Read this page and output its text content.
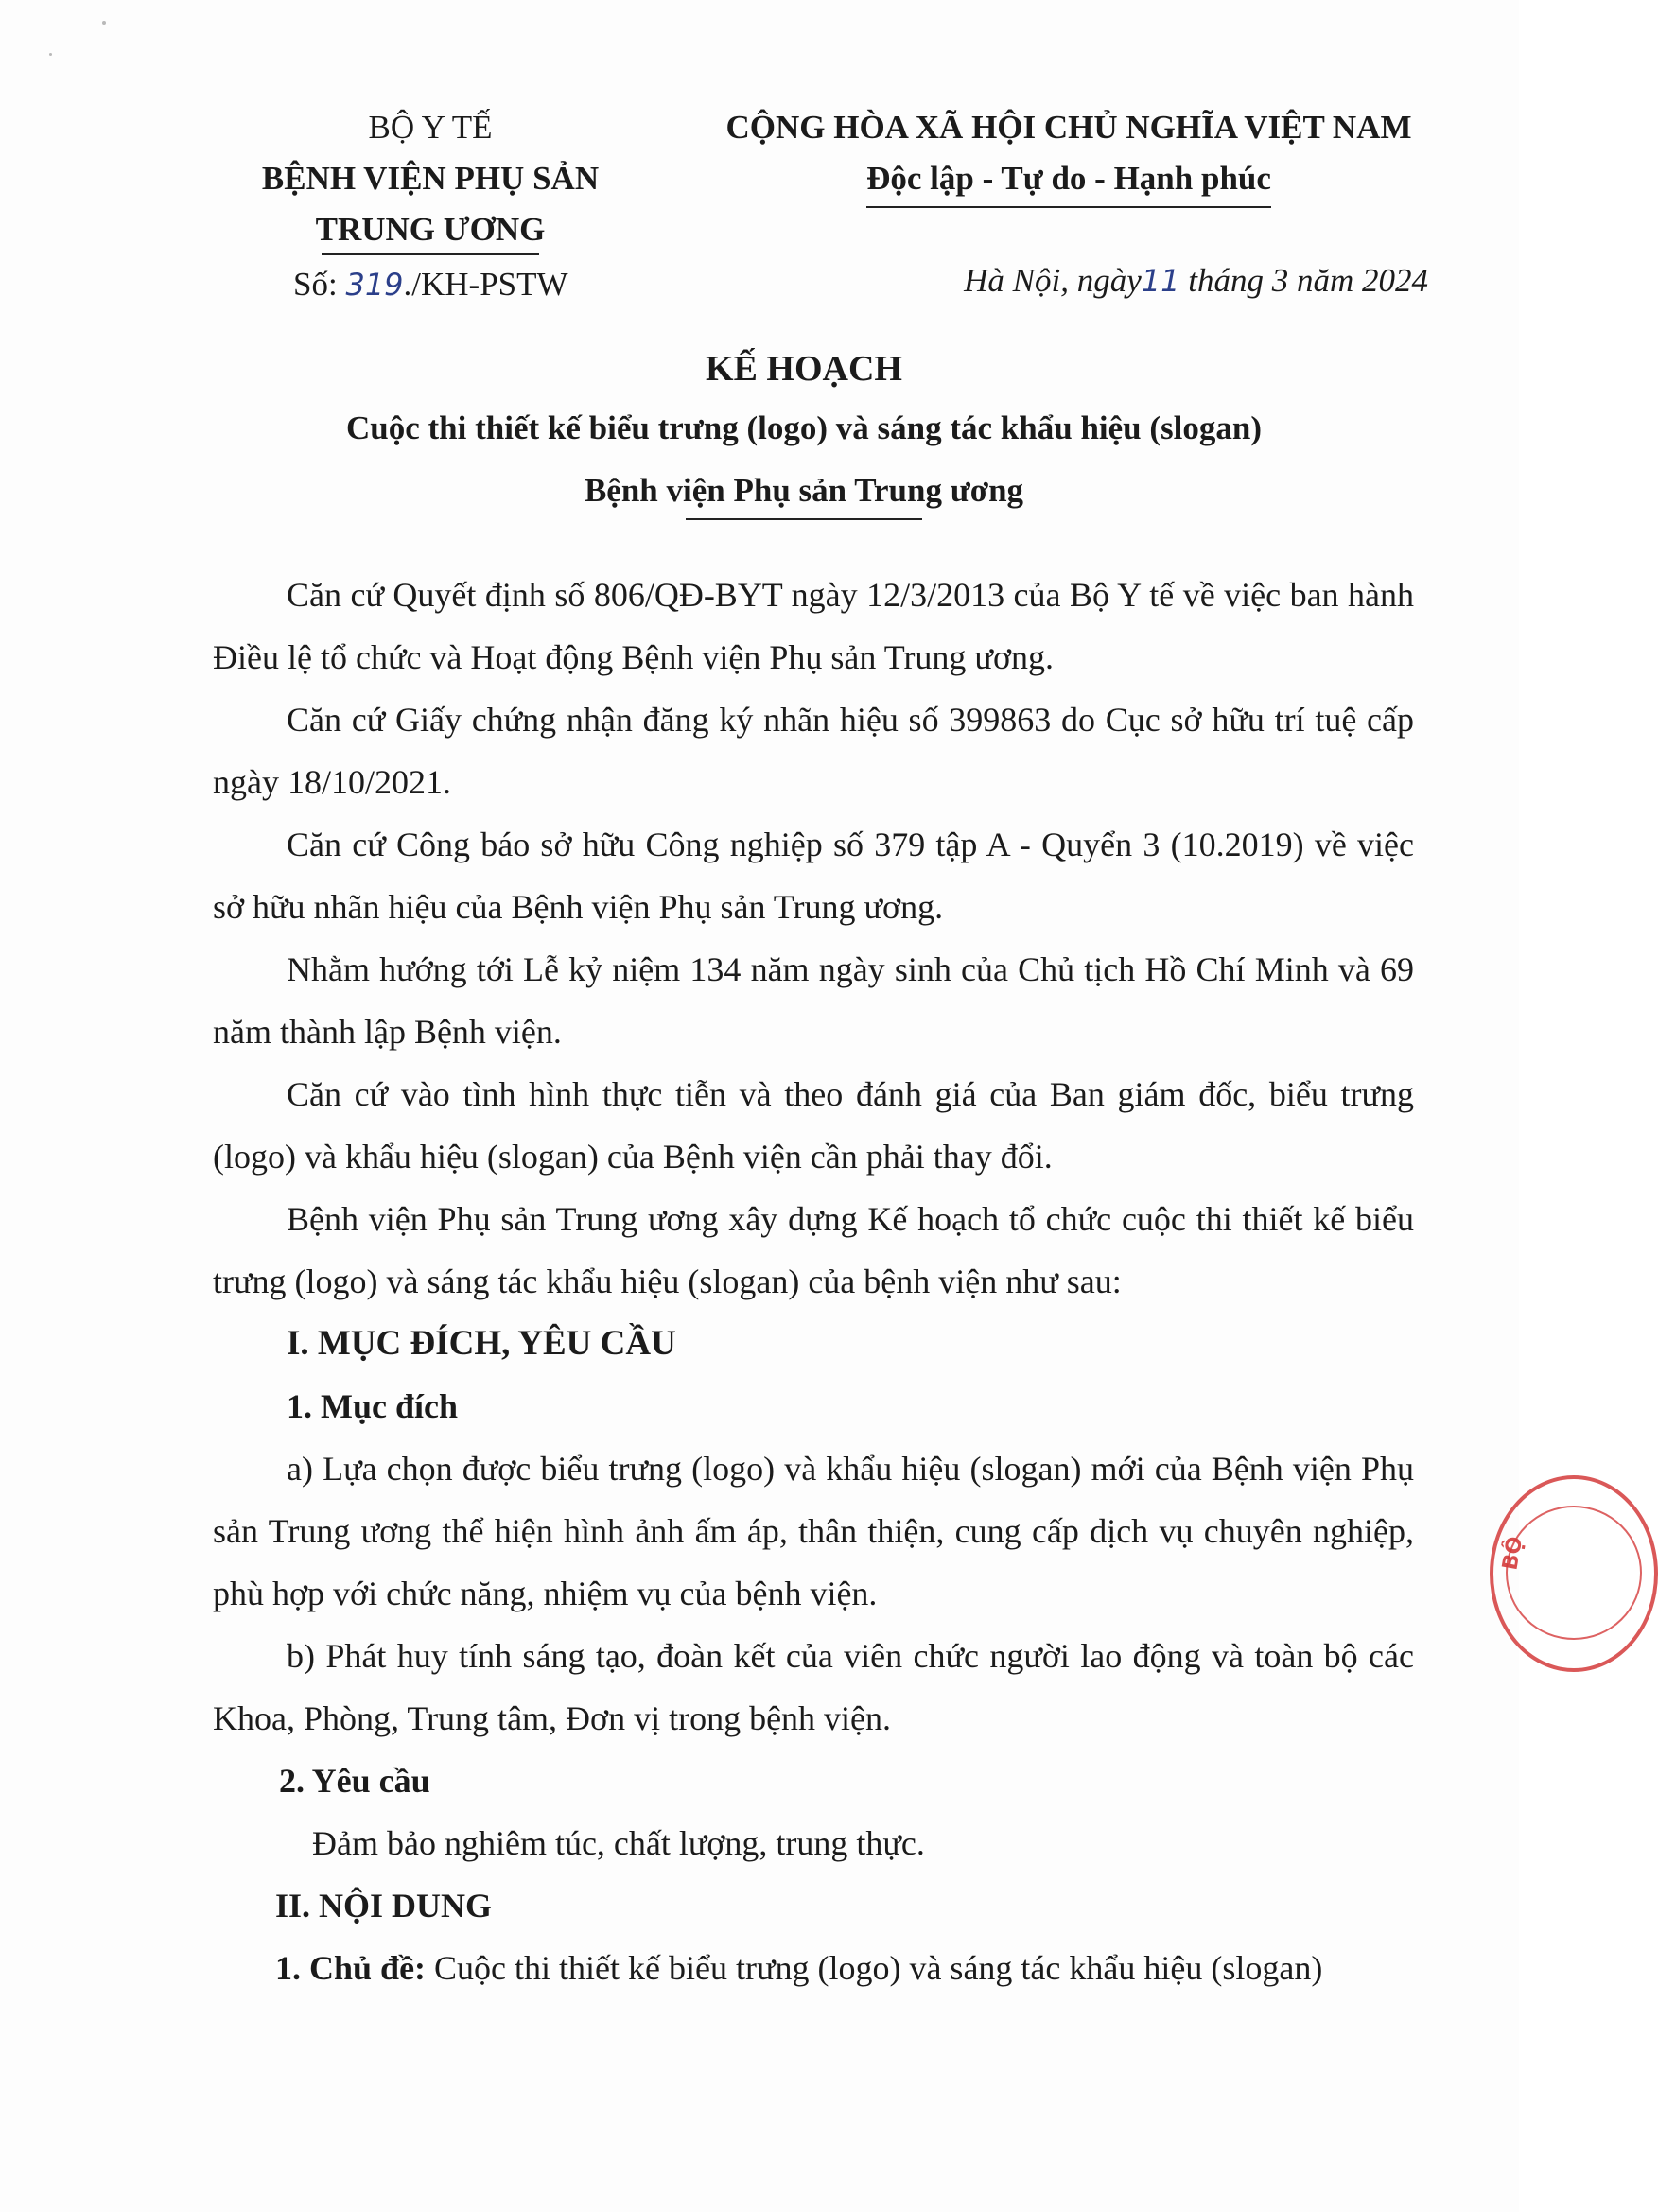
BỘ Y TẾ
BỆNH VIỆN PHỤ SẢN
TRUNG ƯƠNG
Số: 319./KH-PSTW
CỘNG HÒA XÃ HỘI CHỦ NGHĨA VIỆT NAM
Độc lập - Tự do - Hạnh phúc
Hà Nội, ngày11 tháng 3 năm 2024
KẾ HOẠCH
Cuộc thi thiết kế biểu trưng (logo) và sáng tác khẩu hiệu (slogan)
Bệnh viện Phụ sản Trung ương

Căn cứ Quyết định số 806/QĐ-BYT ngày 12/3/2013 của Bộ Y tế về việc ban hành Điều lệ tổ chức và Hoạt động Bệnh viện Phụ sản Trung ương.

Căn cứ Giấy chứng nhận đăng ký nhãn hiệu số 399863 do Cục sở hữu trí tuệ cấp ngày 18/10/2021.

Căn cứ Công báo sở hữu Công nghiệp số 379 tập A - Quyển 3 (10.2019) về việc sở hữu nhãn hiệu của Bệnh viện Phụ sản Trung ương.

Nhằm hướng tới Lễ kỷ niệm 134 năm ngày sinh của Chủ tịch Hồ Chí Minh và 69 năm thành lập Bệnh viện.

Căn cứ vào tình hình thực tiễn và theo đánh giá của Ban giám đốc, biểu trưng (logo) và khẩu hiệu (slogan) của Bệnh viện cần phải thay đổi.

Bệnh viện Phụ sản Trung ương xây dựng Kế hoạch tổ chức cuộc thi thiết kế biểu trưng (logo) và sáng tác khẩu hiệu (slogan) của bệnh viện như sau:

I. MỤC ĐÍCH, YÊU CẦU

1. Mục đích

a) Lựa chọn được biểu trưng (logo) và khẩu hiệu (slogan) mới của Bệnh viện Phụ sản Trung ương thể hiện hình ảnh ấm áp, thân thiện, cung cấp dịch vụ chuyên nghiệp, phù hợp với chức năng, nhiệm vụ của bệnh viện.

b) Phát huy tính sáng tạo, đoàn kết của viên chức người lao động và toàn bộ các Khoa, Phòng, Trung tâm, Đơn vị trong bệnh viện.

2. Yêu cầu

Đảm bảo nghiêm túc, chất lượng, trung thực.

II. NỘI DUNG

1. Chủ đề: Cuộc thi thiết kế biểu trưng (logo) và sáng tác khẩu hiệu (slogan)

BỘ
